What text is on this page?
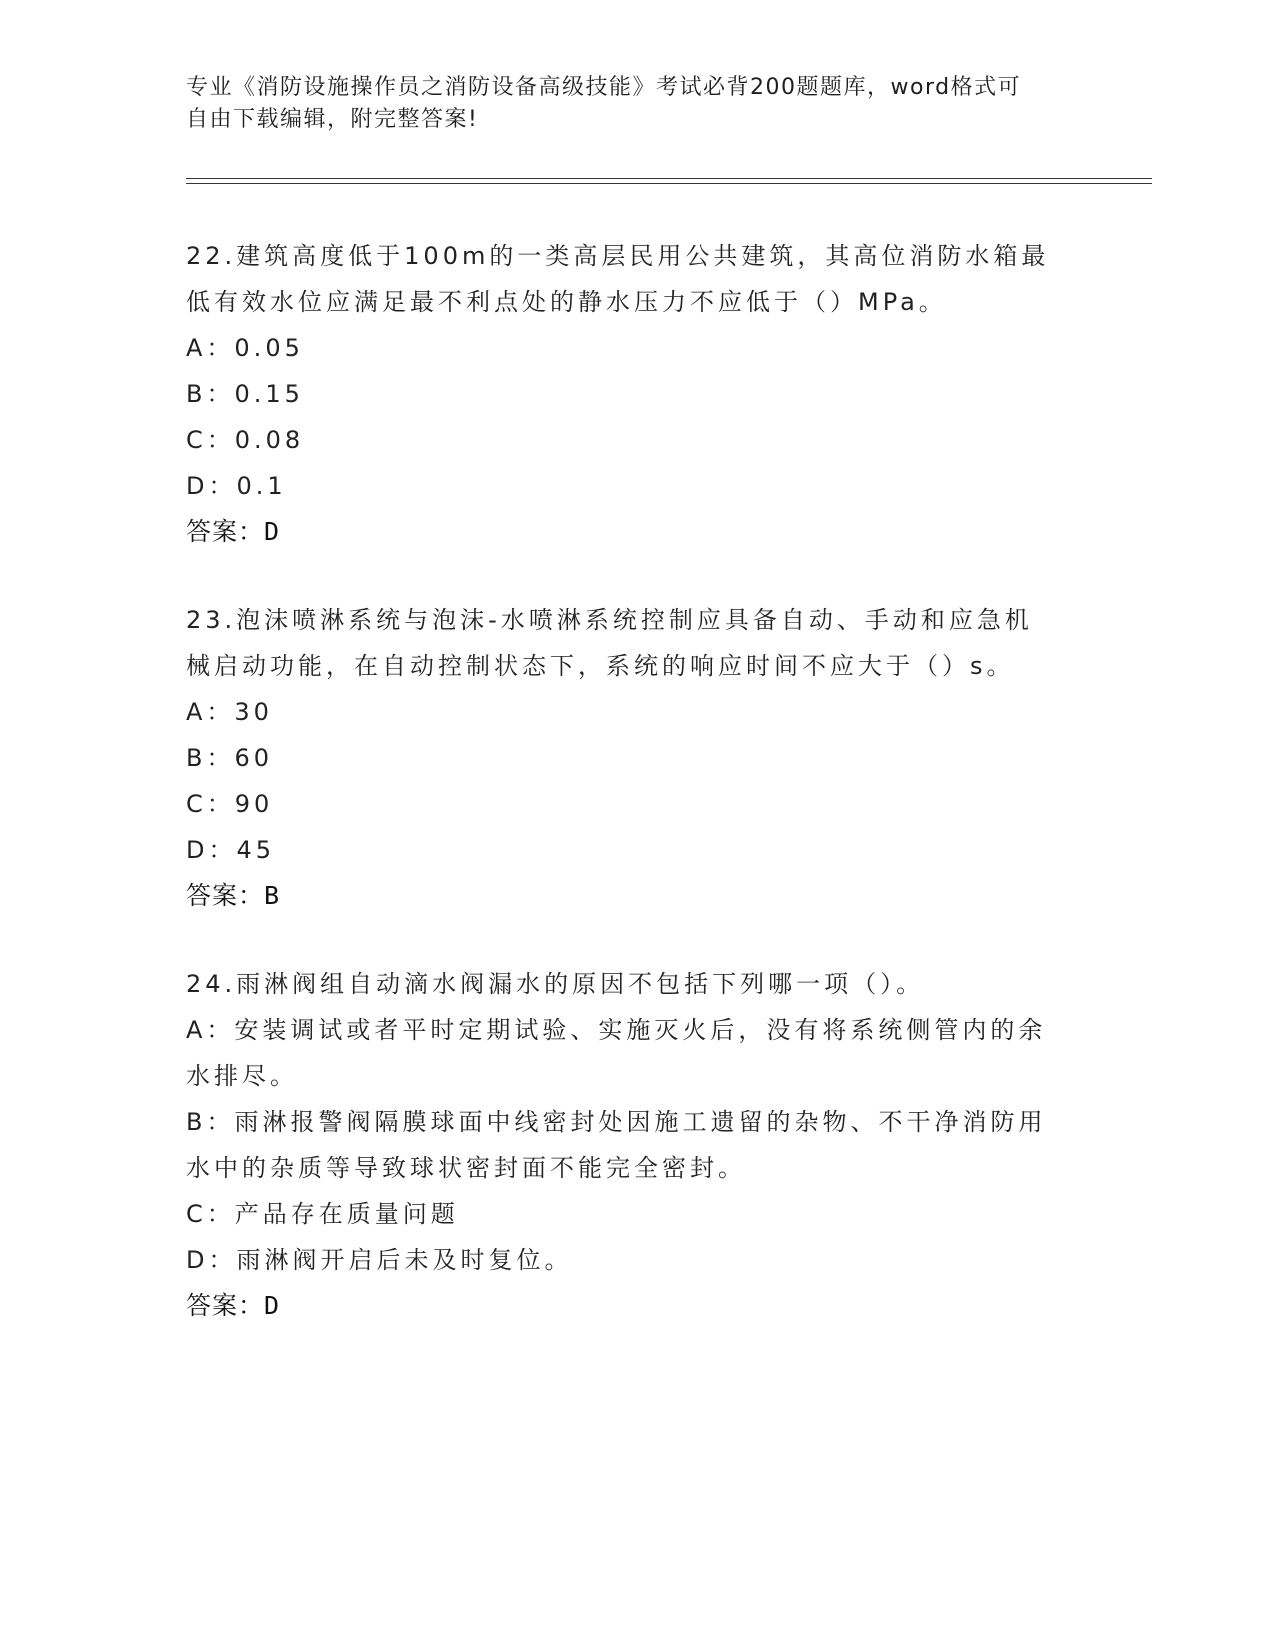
专业《消防设施操作员之消防设备高级技能》考试必背200题题库，word格式可
自由下载编辑，附完整答案!

22.建筑高度低于100m的一类高层民用公共建筑，其高位消防水箱最

低有效水位应满足最不利点处的静水压力不应低于（）MPa。

A：0.05

B：0.15

C：0.08

D：0.1

答案：D

23.泡沫喷淋系统与泡沫-水喷淋系统控制应具备自动、手动和应急机

械启动功能，在自动控制状态下，系统的响应时间不应大于（）s。

A：30

B：60

C：90

D：45

答案：B

24.雨淋阀组自动滴水阀漏水的原因不包括下列哪一项（）。

A：安装调试或者平时定期试验、实施灭火后，没有将系统侧管内的余

水排尽。

B：雨淋报警阀隔膜球面中线密封处因施工遗留的杂物、不干净消防用

水中的杂质等导致球状密封面不能完全密封。

C：产品存在质量问题

D：雨淋阀开启后未及时复位。

答案：D
